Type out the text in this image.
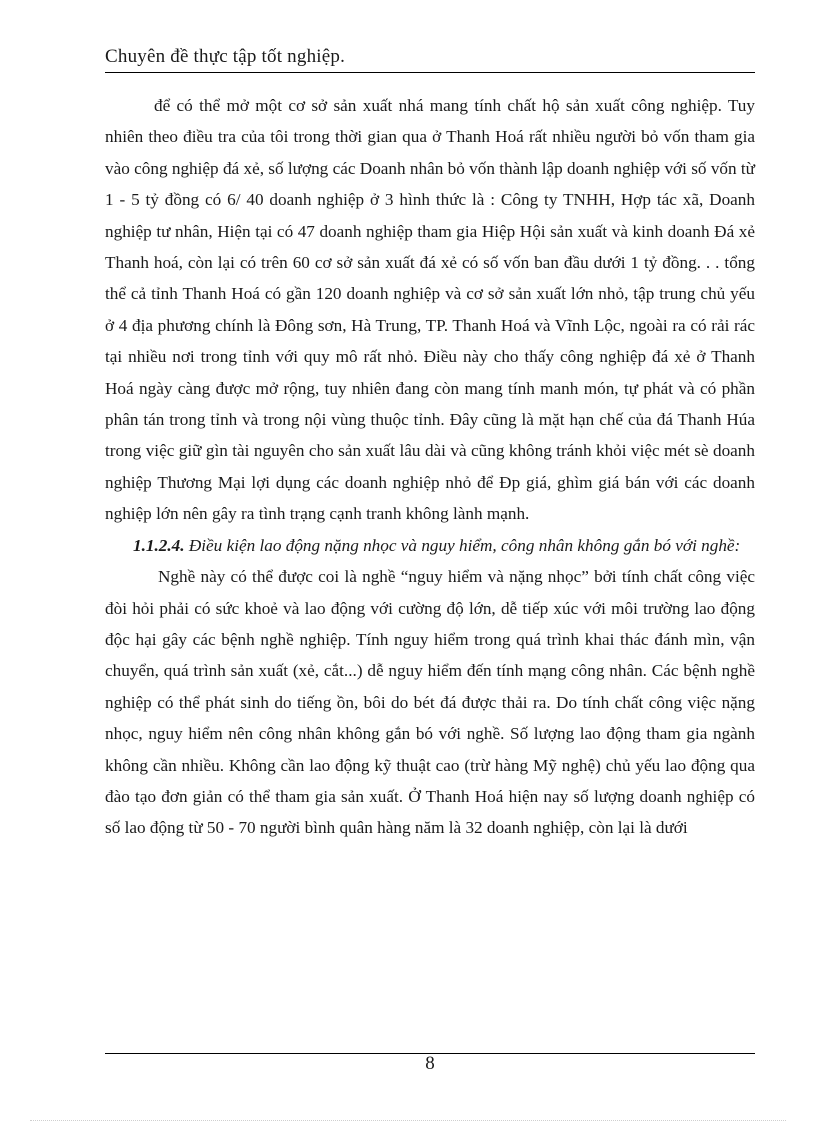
Chuyên đề thực tập tốt nghiệp.

để có thể mở một cơ sở sản xuất nhá mang tính chất hộ sản xuất công nghiệp. Tuy nhiên theo điều tra của tôi trong thời gian qua ở Thanh Hoá rất nhiều người bỏ vốn tham gia vào công nghiệp đá xẻ, số lượng các Doanh nhân bỏ vốn thành lập doanh nghiệp với số vốn từ 1 - 5 tỷ đồng có 6/ 40 doanh nghiệp ở 3 hình thức là : Công ty TNHH, Hợp tác xã, Doanh nghiệp tư nhân, Hiện tại có 47 doanh nghiệp tham gia Hiệp Hội sản xuất và kinh doanh Đá xẻ Thanh hoá, còn lại có trên 60 cơ sở sản xuất đá xẻ có số vốn ban đầu dưới 1 tỷ đồng. . . tổng thể cả tỉnh Thanh Hoá có gần 120 doanh nghiệp và cơ sở sản xuất lớn nhỏ, tập trung chủ yếu ở 4 địa phương chính là Đông sơn, Hà Trung, TP. Thanh Hoá và Vĩnh Lộc, ngoài ra có rải rác tại nhiều nơi trong tỉnh với quy mô rất nhỏ. Điều này cho thấy công nghiệp đá xẻ ở Thanh Hoá ngày càng được mở rộng, tuy nhiên đang còn mang tính manh món, tự phát và có phần phân tán trong tỉnh và trong nội vùng thuộc tỉnh. Đây cũng là mặt hạn chế của đá Thanh Húa trong việc giữ gìn tài nguyên cho sản xuất lâu dài và cũng không tránh khỏi việc mét sè doanh nghiệp Thương Mại lợi dụng các doanh nghiệp nhỏ để Ðp giá, ghìm giá bán với các doanh nghiệp lớn nên gây ra tình trạng cạnh tranh không lành mạnh.

1.1.2.4. Điều kiện lao động nặng nhọc và nguy hiểm, công nhân không gắn bó với nghề:

Nghề này có thể được coi là nghề “nguy hiểm và nặng nhọc” bởi tính chất công việc đòi hỏi phải có sức khoẻ và lao động với cường độ lớn, dễ tiếp xúc với môi trường lao động độc hại gây các bệnh nghề nghiệp. Tính nguy hiểm trong quá trình khai thác đánh mìn, vận chuyển, quá trình sản xuất (xẻ, cắt...) dễ nguy hiểm đến tính mạng công nhân. Các bệnh nghề nghiệp có thể phát sinh do tiếng ồn, bôi do bét đá được thải ra. Do tính chất công việc nặng nhọc, nguy hiểm nên công nhân không gắn bó với nghề. Số lượng lao động tham gia ngành không cần nhiều. Không cần lao động kỹ thuật cao (trừ hàng Mỹ nghệ) chủ yếu lao động qua đào tạo đơn giản có thể tham gia sản xuất. Ở Thanh Hoá hiện nay số lượng doanh nghiệp có số lao động từ 50 - 70 người bình quân hàng năm là 32 doanh nghiệp, còn lại là dưới

8
